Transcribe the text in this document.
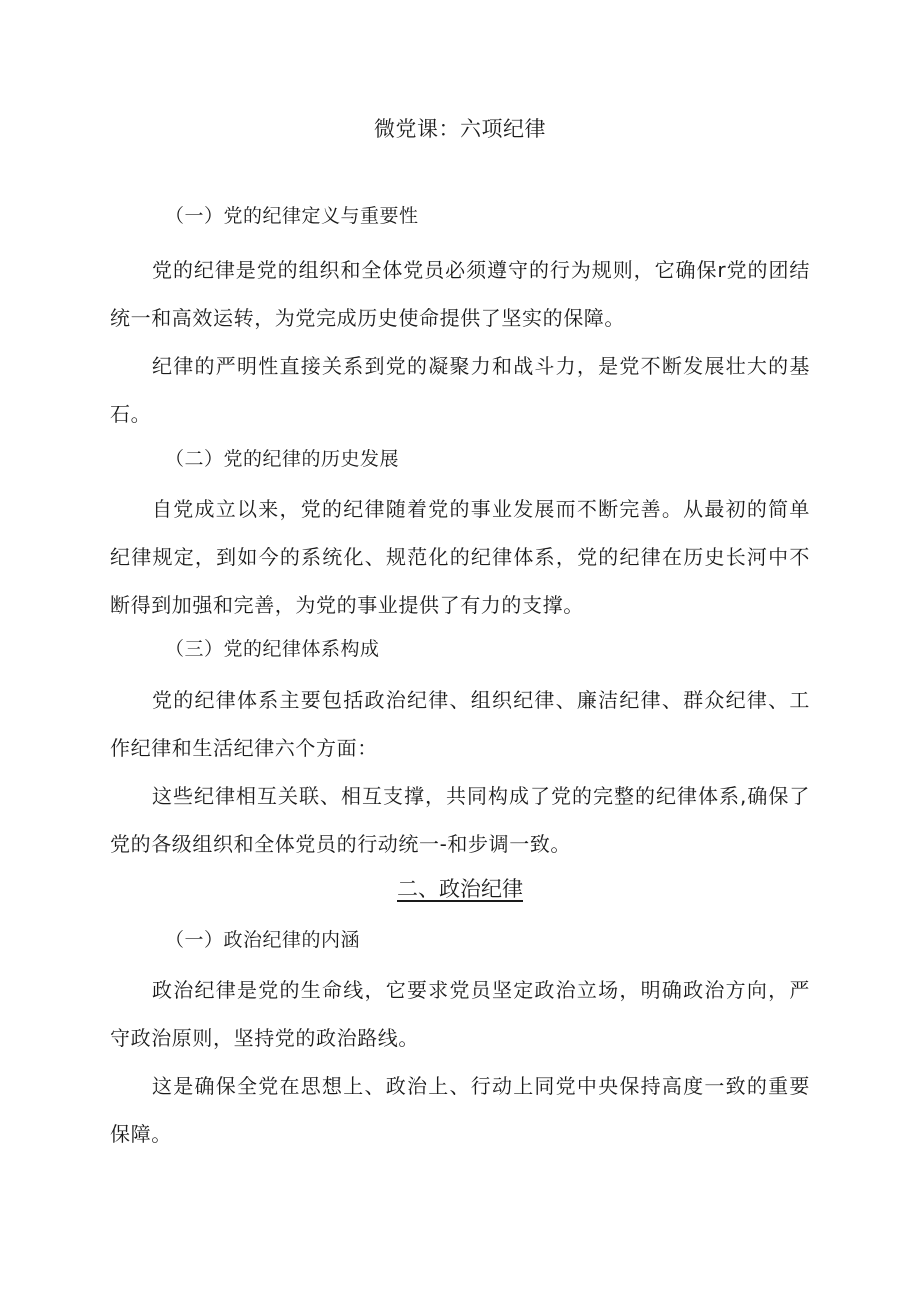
微党课：六项纪律
（一）党的纪律定义与重要性
党的纪律是党的组织和全体党员必须遵守的行为规则，它确保r党的团结统一和高效运转，为党完成历史使命提供了坚实的保障。
纪律的严明性直接关系到党的凝聚力和战斗力，是党不断发展壮大的基石。
（二）党的纪律的历史发展
自党成立以来，党的纪律随着党的事业发展而不断完善。从最初的简单纪律规定，到如今的系统化、规范化的纪律体系，党的纪律在历史长河中不断得到加强和完善，为党的事业提供了有力的支撑。
（三）党的纪律体系构成
党的纪律体系主要包括政治纪律、组织纪律、廉洁纪律、群众纪律、工作纪律和生活纪律六个方面：
这些纪律相互关联、相互支撑，共同构成了党的完整的纪律体系,确保了党的各级组织和全体党员的行动统一-和步调一致。
二、政治纪律
（一）政治纪律的内涵
政治纪律是党的生命线，它要求党员坚定政治立场，明确政治方向，严守政治原则，坚持党的政治路线。
这是确保全党在思想上、政治上、行动上同党中央保持高度一致的重要保障。
